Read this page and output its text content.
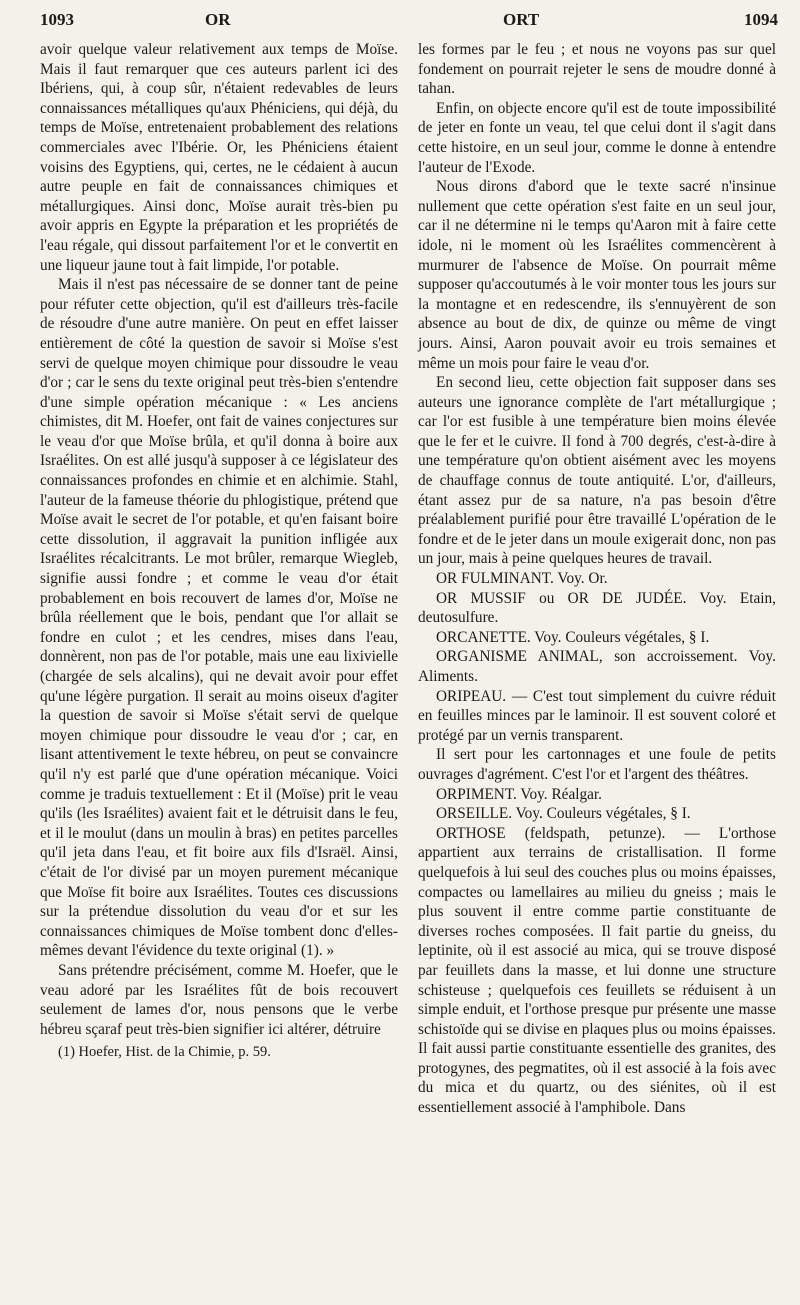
1093	OR	ORT	1094

avoir quelque valeur relativement aux temps de Moïse. Mais il faut remarquer que ces auteurs parlent ici des Ibériens, qui, à coup sûr, n'étaient redevables de leurs connaissances métalliques qu'aux Phéniciens, qui déjà, du temps de Moïse, entretenaient probablement des relations commerciales avec l'Ibérie. Or, les Phéniciens étaient voisins des Egyptiens, qui, certes, ne le cédaient à aucun autre peuple en fait de connaissances chimiques et métallurgiques. Ainsi donc, Moïse aurait très-bien pu avoir appris en Egypte la préparation et les propriétés de l'eau régale, qui dissout parfaitement l'or et le convertit en une liqueur jaune tout à fait limpide, l'or potable.

Mais il n'est pas nécessaire de se donner tant de peine pour réfuter cette objection, qu'il est d'ailleurs très-facile de résoudre d'une autre manière. On peut en effet laisser entièrement de côté la question de savoir si Moïse s'est servi de quelque moyen chimique pour dissoudre le veau d'or ; car le sens du texte original peut très-bien s'entendre d'une simple opération mécanique : « Les anciens chimistes, dit M. Hoefer, ont fait de vaines conjectures sur le veau d'or que Moïse brûla, et qu'il donna à boire aux Israélites. On est allé jusqu'à supposer à ce législateur des connaissances profondes en chimie et en alchimie. Stahl, l'auteur de la fameuse théorie du phlogistique, prétend que Moïse avait le secret de l'or potable, et qu'en faisant boire cette dissolution, il aggravait la punition infligée aux Israélites récalcitrants. Le mot brûler, remarque Wiegleb, signifie aussi fondre ; et comme le veau d'or était probablement en bois recouvert de lames d'or, Moïse ne brûla réellement que le bois, pendant que l'or allait se fondre en culot ; et les cendres, mises dans l'eau, donnèrent, non pas de l'or potable, mais une eau lixivielle (chargée de sels alcalins), qui ne devait avoir pour effet qu'une légère purgation. Il serait au moins oiseux d'agiter la question de savoir si Moïse s'était servi de quelque moyen chimique pour dissoudre le veau d'or ; car, en lisant attentivement le texte hébreu, on peut se convaincre qu'il n'y est parlé que d'une opération mécanique. Voici comme je traduis textuellement : Et il (Moïse) prit le veau qu'ils (les Israélites) avaient fait et le détruisit dans le feu, et il le moulut (dans un moulin à bras) en petites parcelles qu'il jeta dans l'eau, et fit boire aux fils d'Israël. Ainsi, c'était de l'or divisé par un moyen purement mécanique que Moïse fit boire aux Israélites. Toutes ces discussions sur la prétendue dissolution du veau d'or et sur les connaissances chimiques de Moïse tombent donc d'elles-mêmes devant l'évidence du texte original (1). »

Sans prétendre précisément, comme M. Hoefer, que le veau adoré par les Israélites fût de bois recouvert seulement de lames d'or, nous pensons que le verbe hébreu sçaraf peut très-bien signifier ici altérer, détruire

(1) Hoefer, Hist. de la Chimie, p. 59.

les formes par le feu ; et nous ne voyons pas sur quel fondement on pourrait rejeter le sens de moudre donné à tahan.

Enfin, on objecte encore qu'il est de toute impossibilité de jeter en fonte un veau, tel que celui dont il s'agit dans cette histoire, en un seul jour, comme le donne à entendre l'auteur de l'Exode.

Nous dirons d'abord que le texte sacré n'insinue nullement que cette opération s'est faite en un seul jour, car il ne détermine ni le temps qu'Aaron mit à faire cette idole, ni le moment où les Israélites commencèrent à murmurer de l'absence de Moïse. On pourrait même supposer qu'accoutumés à le voir monter tous les jours sur la montagne et en redescendre, ils s'ennuyèrent de son absence au bout de dix, de quinze ou même de vingt jours. Ainsi, Aaron pouvait avoir eu trois semaines et même un mois pour faire le veau d'or.

En second lieu, cette objection fait supposer dans ses auteurs une ignorance complète de l'art métallurgique ; car l'or est fusible à une température bien moins élevée que le fer et le cuivre. Il fond à 700 degrés, c'est-à-dire à une température qu'on obtient aisément avec les moyens de chauffage connus de toute antiquité. L'or, d'ailleurs, étant assez pur de sa nature, n'a pas besoin d'être préalablement purifié pour être travaillé L'opération de le fondre et de le jeter dans un moule exigerait donc, non pas un jour, mais à peine quelques heures de travail.

OR FULMINANT. Voy. Or.

OR MUSSIF ou OR DE JUDÉE. Voy. Etain, deutosulfure.

ORCANETTE. Voy. Couleurs végétales, § I.

ORGANISME ANIMAL, son accroissement. Voy. Aliments.

ORIPEAU. — C'est tout simplement du cuivre réduit en feuilles minces par le laminoir. Il est souvent coloré et protégé par un vernis transparent.

Il sert pour les cartonnages et une foule de petits ouvrages d'agrément. C'est l'or et l'argent des théâtres.

ORPIMENT. Voy. Réalgar.

ORSEILLE. Voy. Couleurs végétales, § I.

ORTHOSE (feldspath, petunze). — L'orthose appartient aux terrains de cristallisation. Il forme quelquefois à lui seul des couches plus ou moins épaisses, compactes ou lamellaires au milieu du gneiss ; mais le plus souvent il entre comme partie constituante de diverses roches composées. Il fait partie du gneiss, du leptinite, où il est associé au mica, qui se trouve disposé par feuillets dans la masse, et lui donne une structure schisteuse ; quelquefois ces feuillets se réduisent à un simple enduit, et l'orthose presque pur présente une masse schistoïde qui se divise en plaques plus ou moins épaisses. Il fait aussi partie constituante essentielle des granites, des protogynes, des pegmatites, où il est associé à la fois avec du mica et du quartz, ou des siénites, où il est essentiellement associé à l'amphibole. Dans
